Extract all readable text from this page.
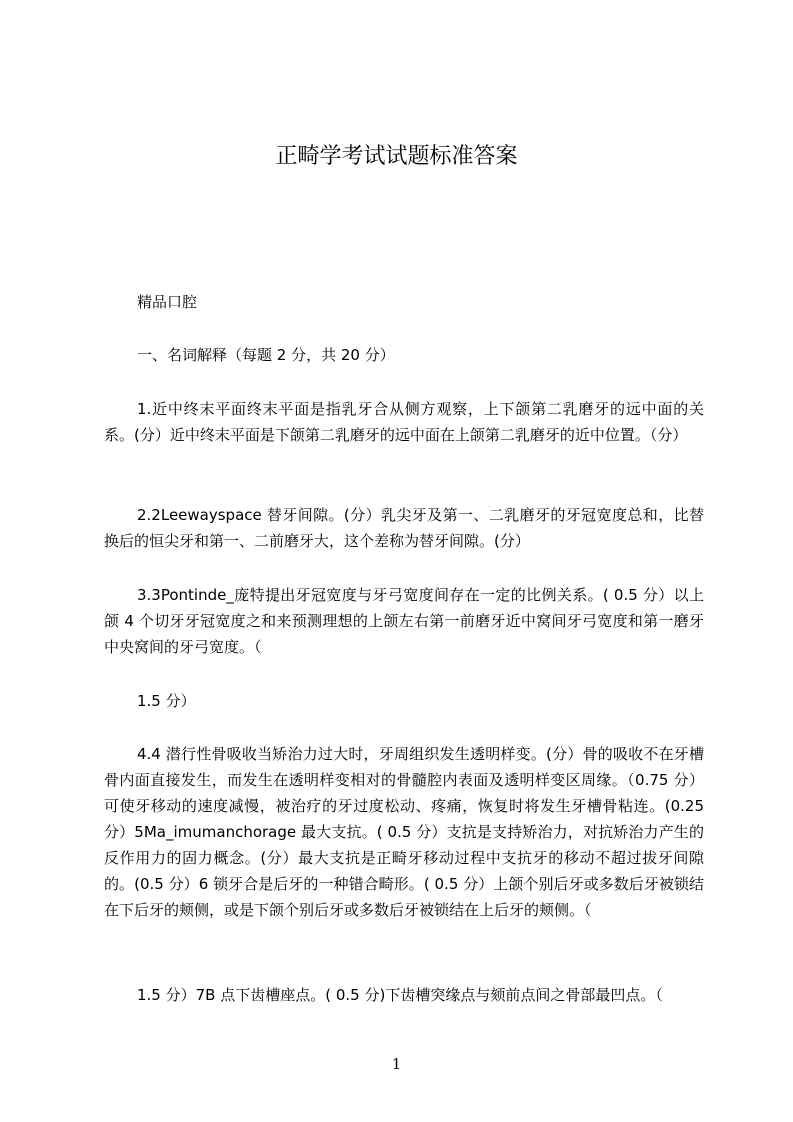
正畸学考试试题标准答案

精品口腔

一、名词解释（每题 2 分，共 20 分）

1.近中终末平面终末平面是指乳牙合从侧方观察，上下颌第二乳磨牙的远中面的关系。(分）近中终末平面是下颌第二乳磨牙的远中面在上颌第二乳磨牙的近中位置。（分）

2.2Leewayspace 替牙间隙。(分）乳尖牙及第一、二乳磨牙的牙冠宽度总和，比替换后的恒尖牙和第一、二前磨牙大，这个差称为替牙间隙。(分）

3.3Pontinde_庞特提出牙冠宽度与牙弓宽度间存在一定的比例关系。( 0.5 分）以上颌 4 个切牙牙冠宽度之和来预测理想的上颌左右第一前磨牙近中窝间牙弓宽度和第一磨牙中央窝间的牙弓宽度。（

1.5 分）

4.4 潜行性骨吸收当矫治力过大时，牙周组织发生透明样变。(分）骨的吸收不在牙槽骨内面直接发生，而发生在透明样变相对的骨髓腔内表面及透明样变区周缘。（0.75 分）可使牙移动的速度减慢，被治疗的牙过度松动、疼痛，恢复时将发生牙槽骨粘连。(0.25 分）5Ma_imumanchorage 最大支抗。( 0.5 分）支抗是支持矫治力，对抗矫治力产生的反作用力的固力概念。(分）最大支抗是正畸牙移动过程中支抗牙的移动不超过拔牙间隙的。(0.5 分）6 锁牙合是后牙的一种错合畸形。( 0.5 分）上颌个别后牙或多数后牙被锁结在下后牙的颊侧，或是下颌个别后牙或多数后牙被锁结在上后牙的颊侧。（

1.5 分）7B 点下齿槽座点。( 0.5 分)下齿槽突缘点与颏前点间之骨部最凹点。（

1
